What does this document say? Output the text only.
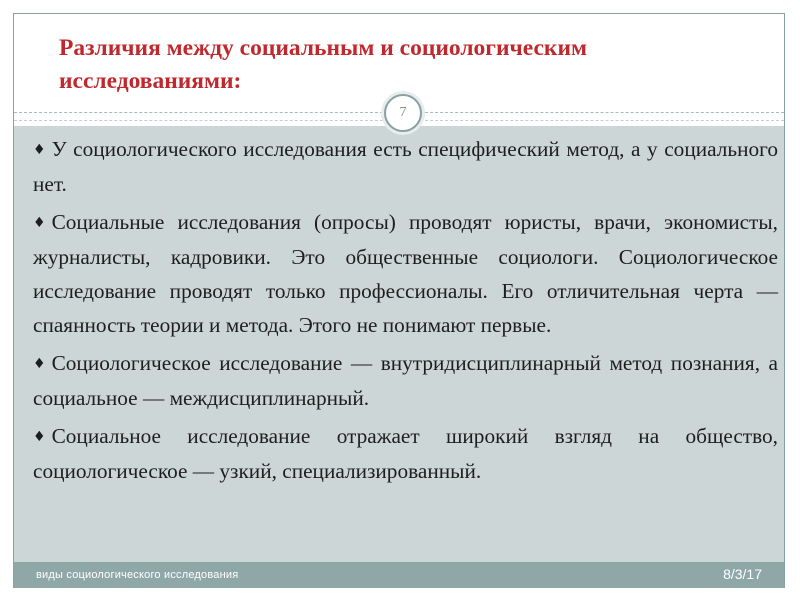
Различия между социальным и социологическим исследованиями:
7
♦ У социологического исследования есть специфический метод, а у социального нет.
♦ Социальные исследования (опросы) проводят юристы, врачи, экономисты, журналисты, кадровики. Это общественные социологи. Социологическое исследование проводят только профессионалы. Его отличительная черта — спаянность теории и метода. Этого не понимают первые.
♦ Социологическое исследование — внутридисциплинарный метод познания, а социальное — междисциплинарный.
♦ Социальное исследование отражает широкий взгляд на общество, социологическое — узкий, специализированный.
виды социологического исследования	8/3/17
